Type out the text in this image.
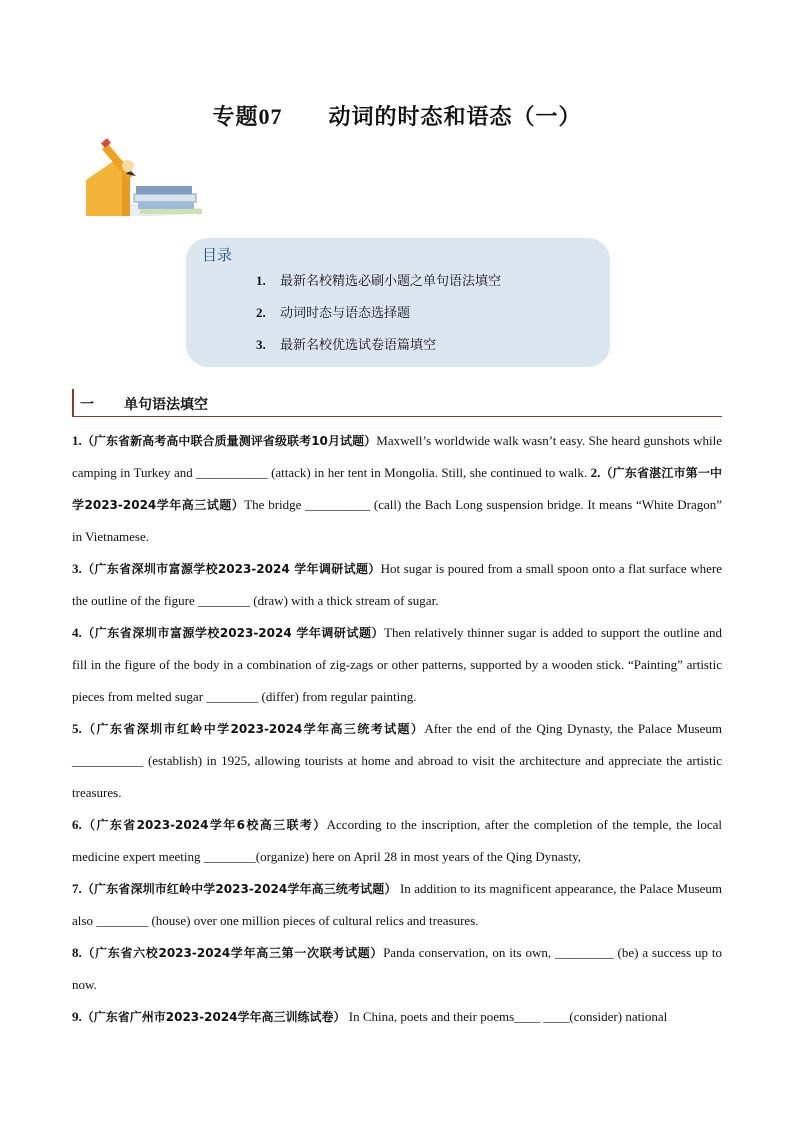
专题07 动词的时态和语态（一）
目录
1. 最新名校精选必刷小题之单句语法填空
2. 动词时态与语态选择题
3. 最新名校优选试卷语篇填空
一 单句语法填空

1.（广东省新高考高中联合质量测评省级联考10月试题）Maxwell’s worldwide walk wasn’t easy. She heard gunshots while camping in Turkey and ___________ (attack) in her tent in Mongolia. Still, she continued to walk. 2.（广东省湛江市第一中学2023-2024学年高三试题）The bridge __________ (call) the Bach Long suspension bridge. It means “White Dragon” in Vietnamese.

3.（广东省深圳市富源学校2023-2024 学年调研试题）Hot sugar is poured from a small spoon onto a flat surface where the outline of the figure ________ (draw) with a thick stream of sugar.

4.（广东省深圳市富源学校2023-2024 学年调研试题）Then relatively thinner sugar is added to support the outline and fill in the figure of the body in a combination of zig-zags or other patterns, supported by a wooden stick. “Painting” artistic pieces from melted sugar ________ (differ) from regular painting.

5.（广东省深圳市红岭中学2023-2024学年高三统考试题）After the end of the Qing Dynasty, the Palace Museum ___________ (establish) in 1925, allowing tourists at home and abroad to visit the architecture and appreciate the artistic treasures.

6.（广东省2023-2024学年6校高三联考）According to the inscription, after the completion of the temple, the local medicine expert meeting ________(organize) here on April 28 in most years of the Qing Dynasty,

7.（广东省深圳市红岭中学2023-2024学年高三统考试题） In addition to its magnificent appearance, the Palace Museum also ________ (house) over one million pieces of cultural relics and treasures.

8.（广东省六校2023-2024学年高三第一次联考试题）Panda conservation, on its own, _________ (be) a success up to now.

9.（广东省广州市2023-2024学年高三训练试卷） In China, poets and their poems____ ____(consider) national
